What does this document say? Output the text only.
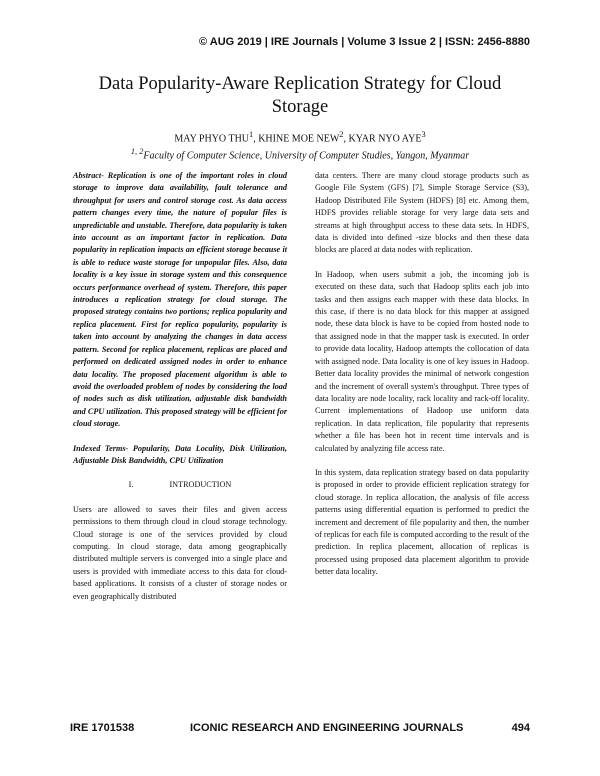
© AUG 2019 | IRE Journals | Volume 3 Issue 2 | ISSN: 2456-8880
Data Popularity-Aware Replication Strategy for Cloud Storage
MAY PHYO THU$^1$, KHINE MOE NEW$^2$, KYAR NYO AYE$^3$
$^{1, 2}$Faculty of Computer Science, University of Computer Studies, Yangon, Myanmar

Abstract- Replication is one of the important roles in cloud storage to improve data availability, fault tolerance and throughput for users and control storage cost. As data access pattern changes every time, the nature of popular files is unpredictable and unstable. Therefore, data popularity is taken into account as an important factor in replication. Data popularity in replication impacts an efficient storage because it is able to reduce waste storage for unpopular files. Also, data locality is a key issue in storage system and this consequence occurs performance overhead of system. Therefore, this paper introduces a replication strategy for cloud storage. The proposed strategy contains two portions; replica popularity and replica placement. First for replica popularity, popularity is taken into account by analyzing the changes in data access pattern. Second for replica placement, replicas are placed and performed on dedicated assigned nodes in order to enhance data locality. The proposed placement algorithm is able to avoid the overloaded problem of nodes by considering the load of nodes such as disk utilization, adjustable disk bandwidth and CPU utilization. This proposed strategy will be efficient for cloud storage.

Indexed Terms- Popularity, Data Locality, Disk Utilization, Adjustable Disk Bandwidth, CPU Utilization

I.	INTRODUCTION

Users are allowed to saves their files and given access permissions to them through cloud in cloud storage technology. Cloud storage is one of the services provided by cloud computing. In cloud storage, data among geographically distributed multiple servers is converged into a single place and users is provided with immediate access to this data for cloud-based applications. It consists of a cluster of storage nodes or even geographically distributed

data centers. There are many cloud storage products such as Google File System (GFS) [7], Simple Storage Service (S3), Hadoop Distributed File System (HDFS) [8] etc. Among them, HDFS provides reliable storage for very large data sets and streams at high throughput access to these data sets. In HDFS, data is divided into defined -size blocks and then these data blocks are placed at data nodes with replication.

In Hadoop, when users submit a job, the incoming job is executed on these data, such that Hadoop splits each job into tasks and then assigns each mapper with these data blocks. In this case, if there is no data block for this mapper at assigned node, these data block is have to be copied from hosted node to that assigned node in that the mapper task is executed. In order to provide data locality, Hadoop attempts the collocation of data with assigned node. Data locality is one of key issues in Hadoop. Better data locality provides the minimal of network congestion and the increment of overall system's throughput. Three types of data locality are node locality, rack locality and rack-off locality. Current implementations of Hadoop use uniform data replication. In data replication, file popularity that represents whether a file has been hot in recent time intervals and is calculated by analyzing file access rate.

In this system, data replication strategy based on data popularity is proposed in order to provide efficient replication strategy for cloud storage. In replica allocation, the analysis of file access patterns using differential equation is performed to predict the increment and decrement of file popularity and then, the number of replicas for each file is computed according to the result of the prediction. In replica placement, allocation of replicas is processed using proposed data placement algorithm to provide better data locality.

IRE 1701538	ICONIC RESEARCH AND ENGINEERING JOURNALS	494
